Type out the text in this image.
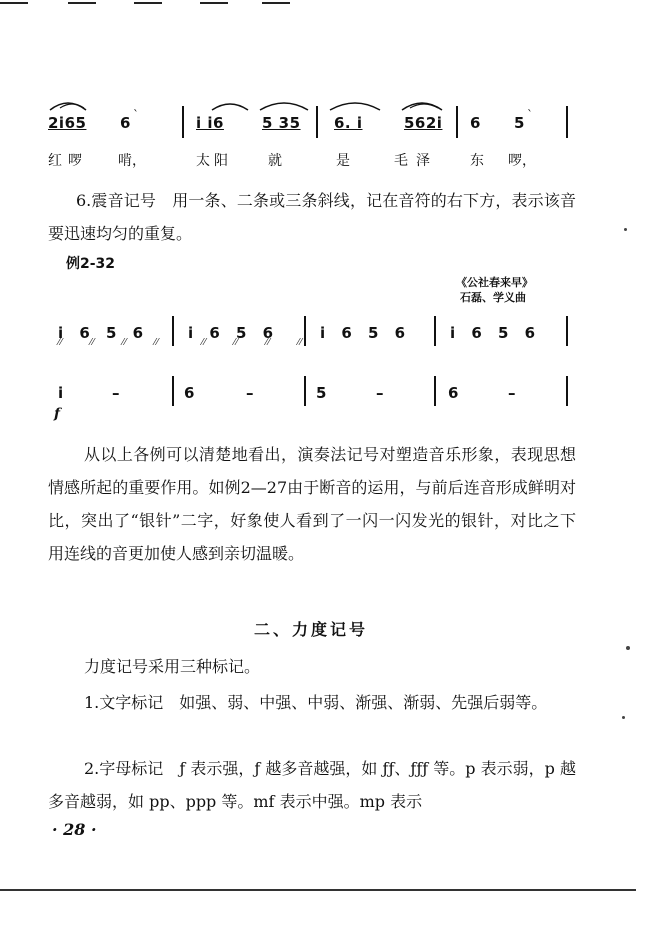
2i65 6 `	i i6	5 35 6. i	562i 6 5 `
红啰 啃，	太阳	就	是	毛泽 东 啰，
6.震音记号　 用一条、二条或三条斜线，记在音符的右下方，表示该音要迅速均匀的重复。
例2-32
《公社春来早》
石磊、学义曲
i 6 5 6	i 6 5 6	i 6 5 6	i 6 5 6
⁄⁄       ⁄⁄       ⁄⁄       ⁄⁄           ⁄⁄       ⁄⁄       ⁄⁄       ⁄⁄
i	–	6	–	5	–	6	–
f
从以上各例可以清楚地看出，演奏法记号对塑造音乐形象，表现思想情感所起的重要作用。如例2—27由于断音的运用，与前后连音形成鲜明对比，突出了“银针”二字，好象使人看到了一闪一闪发光的银针，对比之下用连线的音更加使人感到亲切温暖。
二、力度记号
力度记号采用三种标记。
1.文字标记　如强、弱、中强、中弱、渐强、渐弱、先强后弱等。
2.字母标记　ƒ 表示强，ƒ 越多音越强，如 ƒƒ、ƒƒƒ 等。p 表示弱，p 越多音越弱，如 pp、ppp 等。mf 表示中强。mp 表示
· 28 ·
